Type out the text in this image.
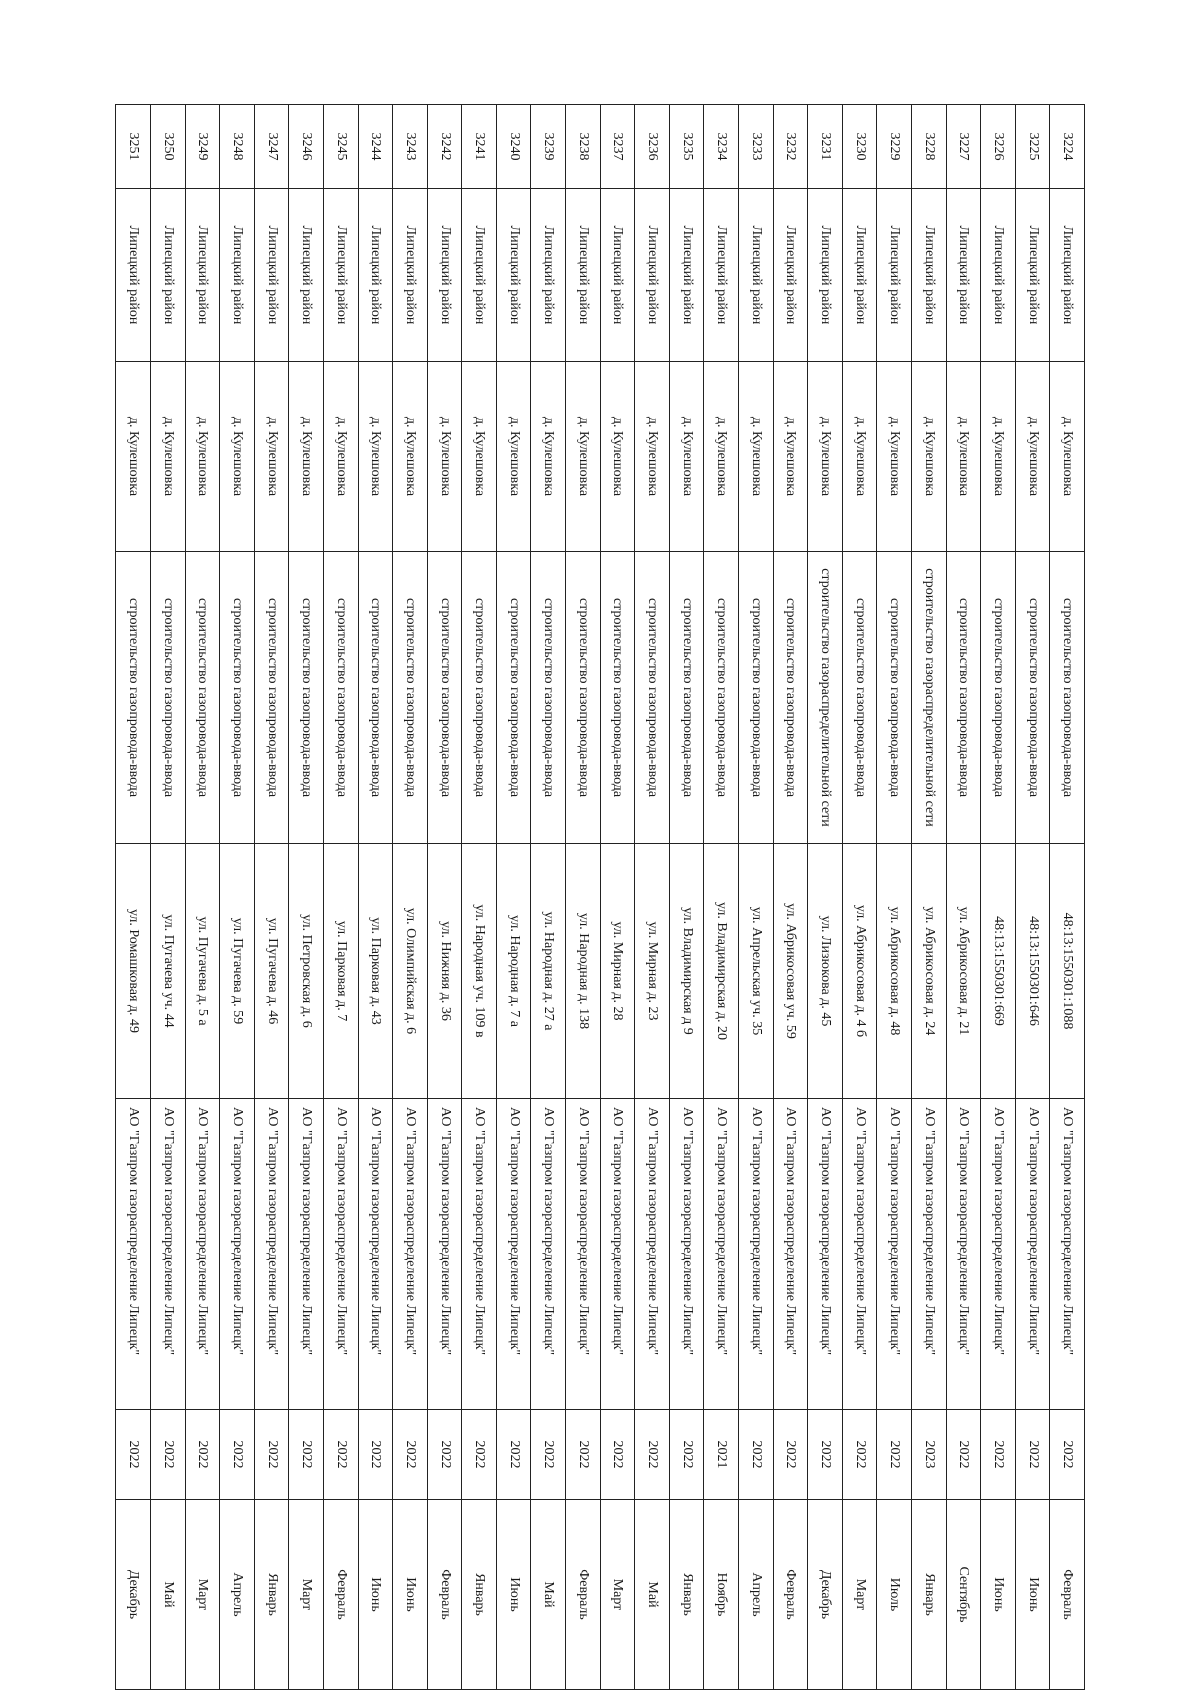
3224	Липецкий район	д. Кулешовка	строительство газопровода-ввода	48:13:1550301:1088	АО "Газпром газораспределение Липецк"	2022	Февраль
3225	Липецкий район	д. Кулешовка	строительство газопровода-ввода	48:13:1550301:646	АО "Газпром газораспределение Липецк"	2022	Июнь
3226	Липецкий район	д. Кулешовка	строительство газопровода-ввода	48:13:1550301:669	АО "Газпром газораспределение Липецк"	2022	Июнь
3227	Липецкий район	д. Кулешовка	строительство газопровода-ввода	ул. Абрикосовая д. 21	АО "Газпром газораспределение Липецк"	2022	Сентябрь
3228	Липецкий район	д. Кулешовка	строительство газораспределительной сети	ул. Абрикосовая д. 24	АО "Газпром газораспределение Липецк"	2023	Январь
3229	Липецкий район	д. Кулешовка	строительство газопровода-ввода	ул. Абрикосовая д. 48	АО "Газпром газораспределение Липецк"	2022	Июль
3230	Липецкий район	д. Кулешовка	строительство газопровода-ввода	ул. Абрикосовая д. 4 б	АО "Газпром газораспределение Липецк"	2022	Март
3231	Липецкий район	д. Кулешовка	строительство газораспределительной сети	ул. Лизюкова д. 45	АО "Газпром газораспределение Липецк"	2022	Декабрь
3232	Липецкий район	д. Кулешовка	строительство газопровода-ввода	ул. Абрикосовая уч. 59	АО "Газпром газораспределение Липецк"	2022	Февраль
3233	Липецкий район	д. Кулешовка	строительство газопровода-ввода	ул. Апрельская уч. 35	АО "Газпром газораспределение Липецк"	2022	Апрель
3234	Липецкий район	д. Кулешовка	строительство газопровода-ввода	ул. Владимирская д. 20	АО "Газпром газораспределение Липецк"	2021	Ноябрь
3235	Липецкий район	д. Кулешовка	строительство газопровода-ввода	ул. Владимирская д 9	АО "Газпром газораспределение Липецк"	2022	Январь
3236	Липецкий район	д. Кулешовка	строительство газопровода-ввода	ул. Мирная д. 23	АО "Газпром газораспределение Липецк"	2022	Май
3237	Липецкий район	д. Кулешовка	строительство газопровода-ввода	ул. Мирная д. 28	АО "Газпром газораспределение Липецк"	2022	Март
3238	Липецкий район	д. Кулешовка	строительство газопровода-ввода	ул. Народная д. 138	АО "Газпром газораспределение Липецк"	2022	Февраль
3239	Липецкий район	д. Кулешовка	строительство газопровода-ввода	ул. Народная д. 27 а	АО "Газпром газораспределение Липецк"	2022	Май
3240	Липецкий район	д. Кулешовка	строительство газопровода-ввода	ул. Народная д. 7 а	АО "Газпром газораспределение Липецк"	2022	Июнь
3241	Липецкий район	д. Кулешовка	строительство газопровода-ввода	ул. Народная уч. 109 в	АО "Газпром газораспределение Липецк"	2022	Январь
3242	Липецкий район	д. Кулешовка	строительство газопровода-ввода	ул. Нижняя д. 36	АО "Газпром газораспределение Липецк"	2022	Февраль
3243	Липецкий район	д. Кулешовка	строительство газопровода-ввода	ул. Олимпийская д. 6	АО "Газпром газораспределение Липецк"	2022	Июнь
3244	Липецкий район	д. Кулешовка	строительство газопровода-ввода	ул. Парковая д. 43	АО "Газпром газораспределение Липецк"	2022	Июнь
3245	Липецкий район	д. Кулешовка	строительство газопровода-ввода	ул. Парковая д. 7	АО "Газпром газораспределение Липецк"	2022	Февраль
3246	Липецкий район	д. Кулешовка	строительство газопровода-ввода	ул. Петровская д. 6	АО "Газпром газораспределение Липецк"	2022	Март
3247	Липецкий район	д. Кулешовка	строительство газопровода-ввода	ул. Пугачева д. 46	АО "Газпром газораспределение Липецк"	2022	Январь
3248	Липецкий район	д. Кулешовка	строительство газопровода-ввода	ул. Пугачева д. 59	АО "Газпром газораспределение Липецк"	2022	Апрель
3249	Липецкий район	д. Кулешовка	строительство газопровода-ввода	ул. Пугачева д. 5 а	АО "Газпром газораспределение Липецк"	2022	Март
3250	Липецкий район	д. Кулешовка	строительство газопровода-ввода	ул. Пугачева уч. 44	АО "Газпром газораспределение Липецк"	2022	Май
3251	Липецкий район	д. Кулешовка	строительство газопровода-ввода	ул. Ромашковая д. 49	АО "Газпром газораспределение Липецк"	2022	Декабрь
